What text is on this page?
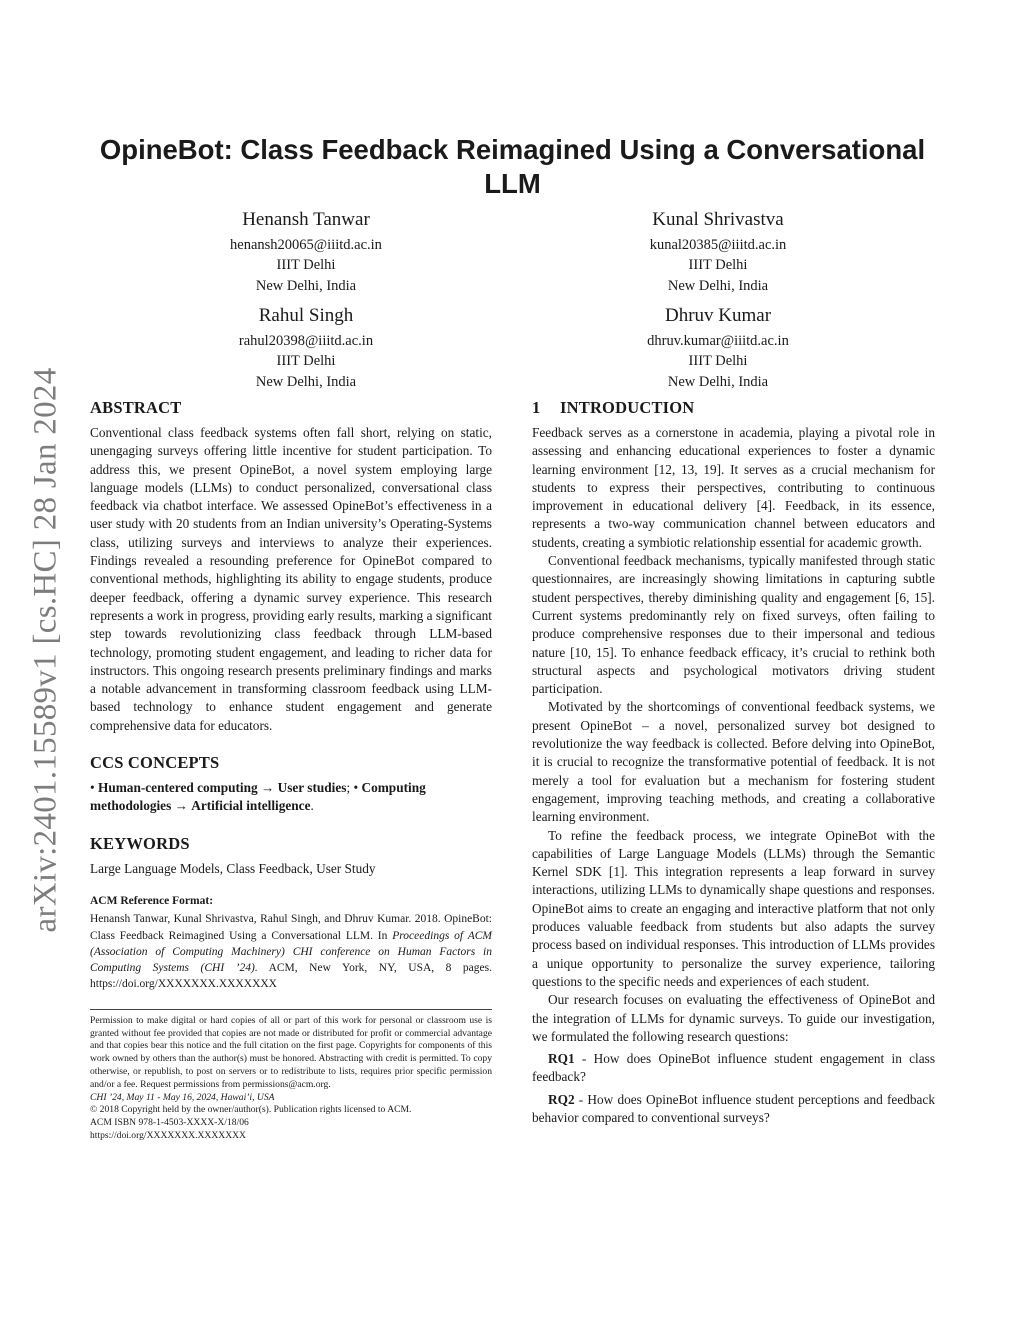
arXiv:2401.15589v1 [cs.HC] 28 Jan 2024
OpineBot: Class Feedback Reimagined Using a Conversational LLM
Henansh Tanwar
henansh20065@iiitd.ac.in
IIIT Delhi
New Delhi, India
Kunal Shrivastva
kunal20385@iiitd.ac.in
IIIT Delhi
New Delhi, India
Rahul Singh
rahul20398@iiitd.ac.in
IIIT Delhi
New Delhi, India
Dhruv Kumar
dhruv.kumar@iiitd.ac.in
IIIT Delhi
New Delhi, India
ABSTRACT

Conventional class feedback systems often fall short, relying on static, unengaging surveys offering little incentive for student participation. To address this, we present OpineBot, a novel system employing large language models (LLMs) to conduct personalized, conversational class feedback via chatbot interface. We assessed OpineBot’s effectiveness in a user study with 20 students from an Indian university’s Operating-Systems class, utilizing surveys and interviews to analyze their experiences. Findings revealed a resounding preference for OpineBot compared to conventional methods, highlighting its ability to engage students, produce deeper feedback, offering a dynamic survey experience. This research represents a work in progress, providing early results, marking a significant step towards revolutionizing class feedback through LLM-based technology, promoting student engagement, and leading to richer data for instructors. This ongoing research presents preliminary findings and marks a notable advancement in transforming classroom feedback using LLM-based technology to enhance student engagement and generate comprehensive data for educators.

CCS CONCEPTS

• Human-centered computing → User studies; • Computing methodologies → Artificial intelligence.

KEYWORDS

Large Language Models, Class Feedback, User Study

ACM Reference Format:

Henansh Tanwar, Kunal Shrivastva, Rahul Singh, and Dhruv Kumar. 2018. OpineBot: Class Feedback Reimagined Using a Conversational LLM. In Proceedings of ACM (Association of Computing Machinery) CHI conference on Human Factors in Computing Systems (CHI ’24). ACM, New York, NY, USA, 8 pages. https://doi.org/XXXXXXX.XXXXXXX

Permission to make digital or hard copies of all or part of this work for personal or classroom use is granted without fee provided that copies are not made or distributed for profit or commercial advantage and that copies bear this notice and the full citation on the first page. Copyrights for components of this work owned by others than the author(s) must be honored. Abstracting with credit is permitted. To copy otherwise, or republish, to post on servers or to redistribute to lists, requires prior specific permission and/or a fee. Request permissions from permissions@acm.org.

CHI ’24, May 11 - May 16, 2024, Hawai’i, USA

© 2018 Copyright held by the owner/author(s). Publication rights licensed to ACM.

ACM ISBN 978-1-4503-XXXX-X/18/06

https://doi.org/XXXXXXX.XXXXXXX

1 INTRODUCTION

Feedback serves as a cornerstone in academia, playing a pivotal role in assessing and enhancing educational experiences to foster a dynamic learning environment [12, 13, 19]. It serves as a crucial mechanism for students to express their perspectives, contributing to continuous improvement in educational delivery [4]. Feedback, in its essence, represents a two-way communication channel between educators and students, creating a symbiotic relationship essential for academic growth.

Conventional feedback mechanisms, typically manifested through static questionnaires, are increasingly showing limitations in capturing subtle student perspectives, thereby diminishing quality and engagement [6, 15]. Current systems predominantly rely on fixed surveys, often failing to produce comprehensive responses due to their impersonal and tedious nature [10, 15]. To enhance feedback efficacy, it’s crucial to rethink both structural aspects and psychological motivators driving student participation.

Motivated by the shortcomings of conventional feedback systems, we present OpineBot – a novel, personalized survey bot designed to revolutionize the way feedback is collected. Before delving into OpineBot, it is crucial to recognize the transformative potential of feedback. It is not merely a tool for evaluation but a mechanism for fostering student engagement, improving teaching methods, and creating a collaborative learning environment.

To refine the feedback process, we integrate OpineBot with the capabilities of Large Language Models (LLMs) through the Semantic Kernel SDK [1]. This integration represents a leap forward in survey interactions, utilizing LLMs to dynamically shape questions and responses. OpineBot aims to create an engaging and interactive platform that not only produces valuable feedback from students but also adapts the survey process based on individual responses. This introduction of LLMs provides a unique opportunity to personalize the survey experience, tailoring questions to the specific needs and experiences of each student.

Our research focuses on evaluating the effectiveness of OpineBot and the integration of LLMs for dynamic surveys. To guide our investigation, we formulated the following research questions:

RQ1 - How does OpineBot influence student engagement in class feedback?

RQ2 - How does OpineBot influence student perceptions and feedback behavior compared to conventional surveys?
